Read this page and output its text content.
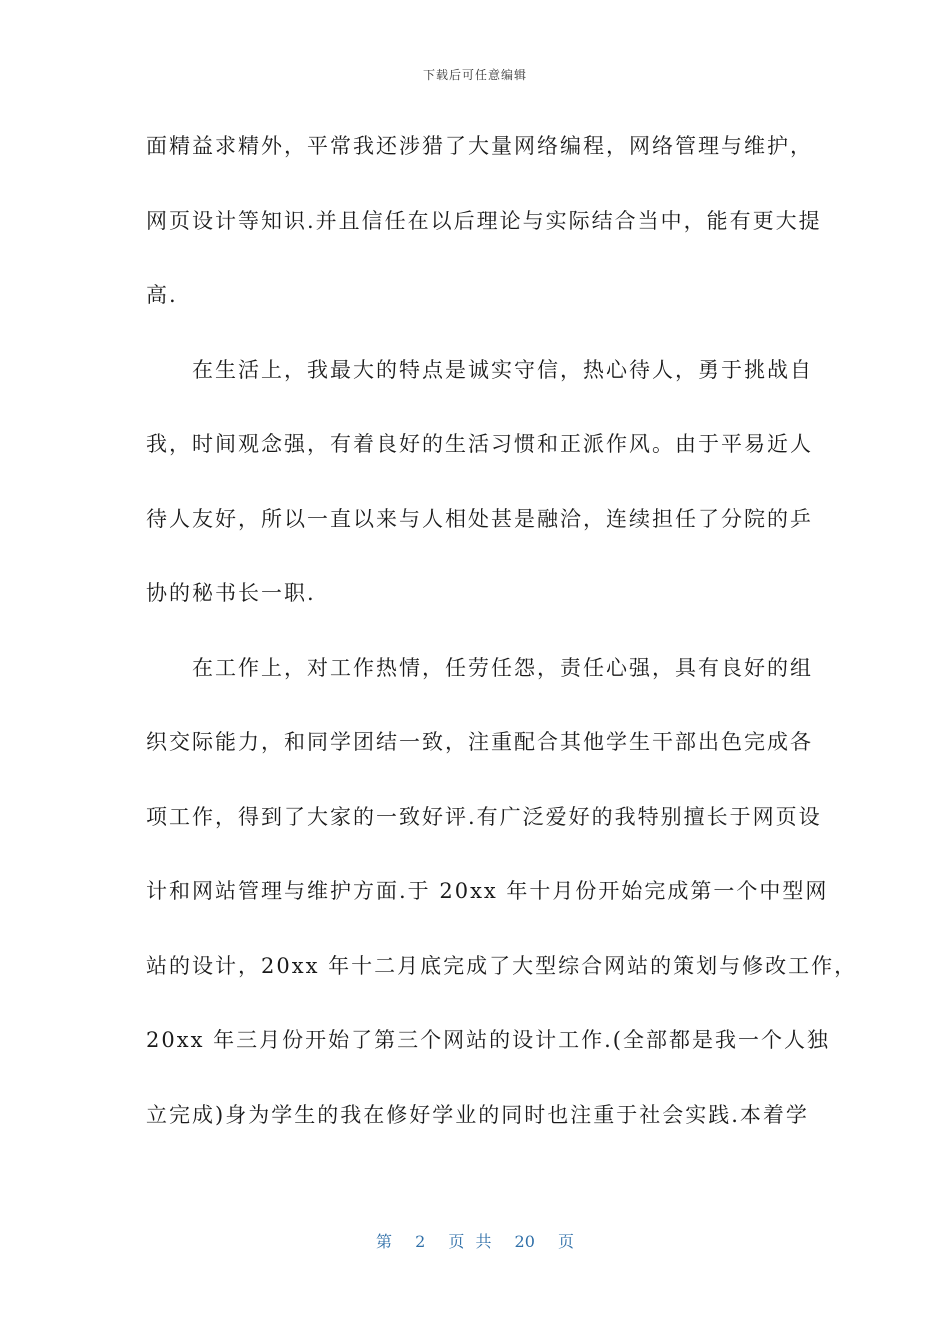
下载后可任意编辑
面精益求精外，平常我还涉猎了大量网络编程，网络管理与维护，
网页设计等知识.并且信任在以后理论与实际结合当中，能有更大提
高.
在生活上，我最大的特点是诚实守信，热心待人，勇于挑战自
我，时间观念强，有着良好的生活习惯和正派作风。由于平易近人
待人友好，所以一直以来与人相处甚是融洽，连续担任了分院的乒
协的秘书长一职.
在工作上，对工作热情，任劳任怨，责任心强，具有良好的组
织交际能力，和同学团结一致，注重配合其他学生干部出色完成各
项工作，得到了大家的一致好评.有广泛爱好的我特别擅长于网页设
计和网站管理与维护方面.于 20xx 年十月份开始完成第一个中型网
站的设计，20xx 年十二月底完成了大型综合网站的策划与修改工作，
20xx 年三月份开始了第三个网站的设计工作.(全部都是我一个人独
立完成)身为学生的我在修好学业的同时也注重于社会实践.本着学
第 2 页 共 20 页
